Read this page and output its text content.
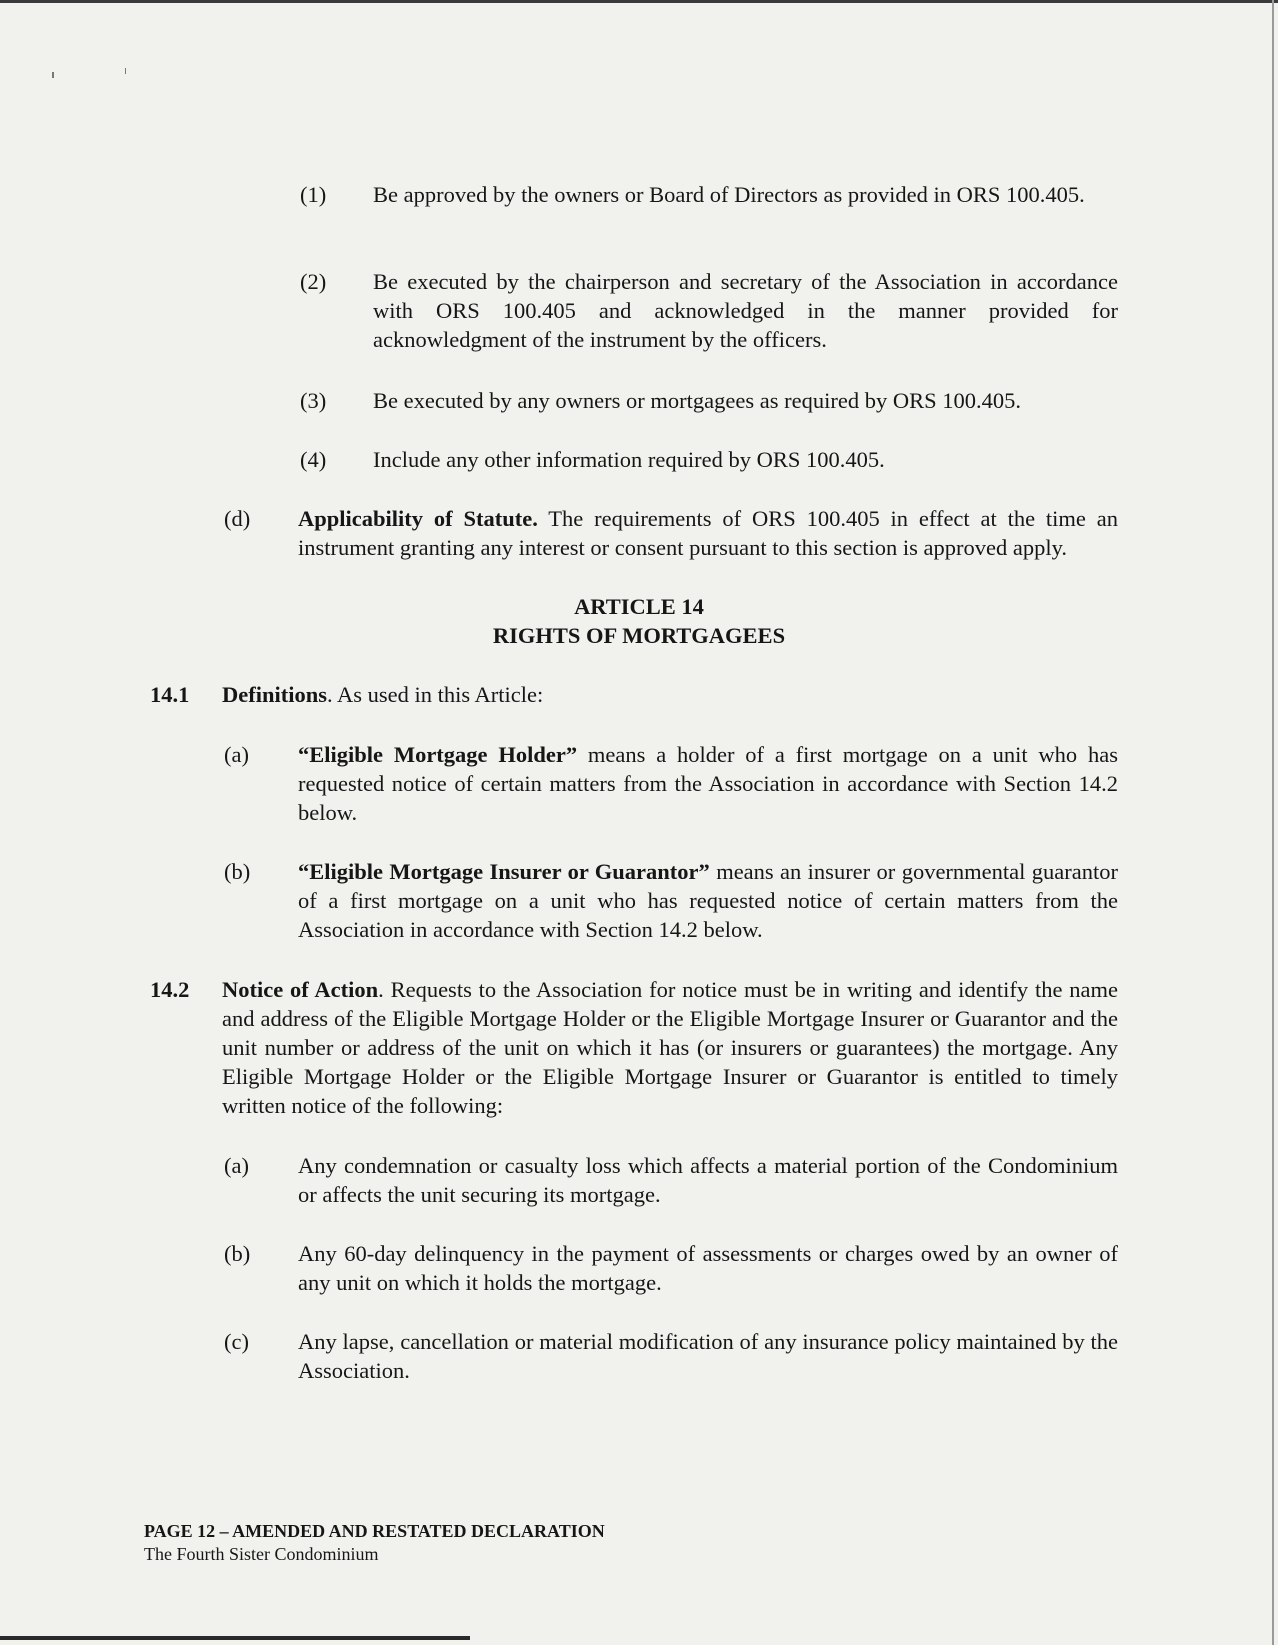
(1) Be approved by the owners or Board of Directors as provided in ORS 100.405.
(2) Be executed by the chairperson and secretary of the Association in accordance with ORS 100.405 and acknowledged in the manner provided for acknowledgment of the instrument by the officers.
(3) Be executed by any owners or mortgagees as required by ORS 100.405.
(4) Include any other information required by ORS 100.405.
(d) Applicability of Statute. The requirements of ORS 100.405 in effect at the time an instrument granting any interest or consent pursuant to this section is approved apply.
ARTICLE 14
RIGHTS OF MORTGAGEES
14.1 Definitions. As used in this Article:
(a) “Eligible Mortgage Holder” means a holder of a first mortgage on a unit who has requested notice of certain matters from the Association in accordance with Section 14.2 below.
(b) “Eligible Mortgage Insurer or Guarantor” means an insurer or governmental guarantor of a first mortgage on a unit who has requested notice of certain matters from the Association in accordance with Section 14.2 below.
14.2 Notice of Action. Requests to the Association for notice must be in writing and identify the name and address of the Eligible Mortgage Holder or the Eligible Mortgage Insurer or Guarantor and the unit number or address of the unit on which it has (or insurers or guarantees) the mortgage. Any Eligible Mortgage Holder or the Eligible Mortgage Insurer or Guarantor is entitled to timely written notice of the following:
(a) Any condemnation or casualty loss which affects a material portion of the Condominium or affects the unit securing its mortgage.
(b) Any 60-day delinquency in the payment of assessments or charges owed by an owner of any unit on which it holds the mortgage.
(c) Any lapse, cancellation or material modification of any insurance policy maintained by the Association.
PAGE 12 – AMENDED AND RESTATED DECLARATION
The Fourth Sister Condominium
